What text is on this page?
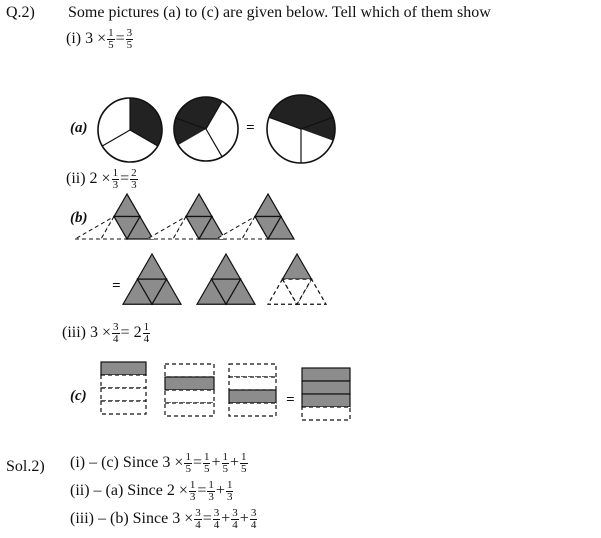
Q.2) Some pictures (a) to (c) are given below. Tell which of them show
(i) $3 \times \frac{1}{5} = \frac{3}{5}$
(a)	=
(ii) $2 \times \frac{1}{3} = \frac{2}{3}$
(b)
=
(iii) $3 \times \frac{3}{4} = 2 \frac{1}{4}$
(c)	=
Sol.2) (i) – (c) Since $3 \times \frac{1}{5} = \frac{1}{5} + \frac{1}{5} + \frac{1}{5}$
(ii) – (a) Since $2 \times \frac{1}{3} = \frac{1}{3} + \frac{1}{3}$
(iii) – (b) Since $3 \times \frac{3}{4} = \frac{3}{4} + \frac{3}{4} + \frac{3}{4}$
